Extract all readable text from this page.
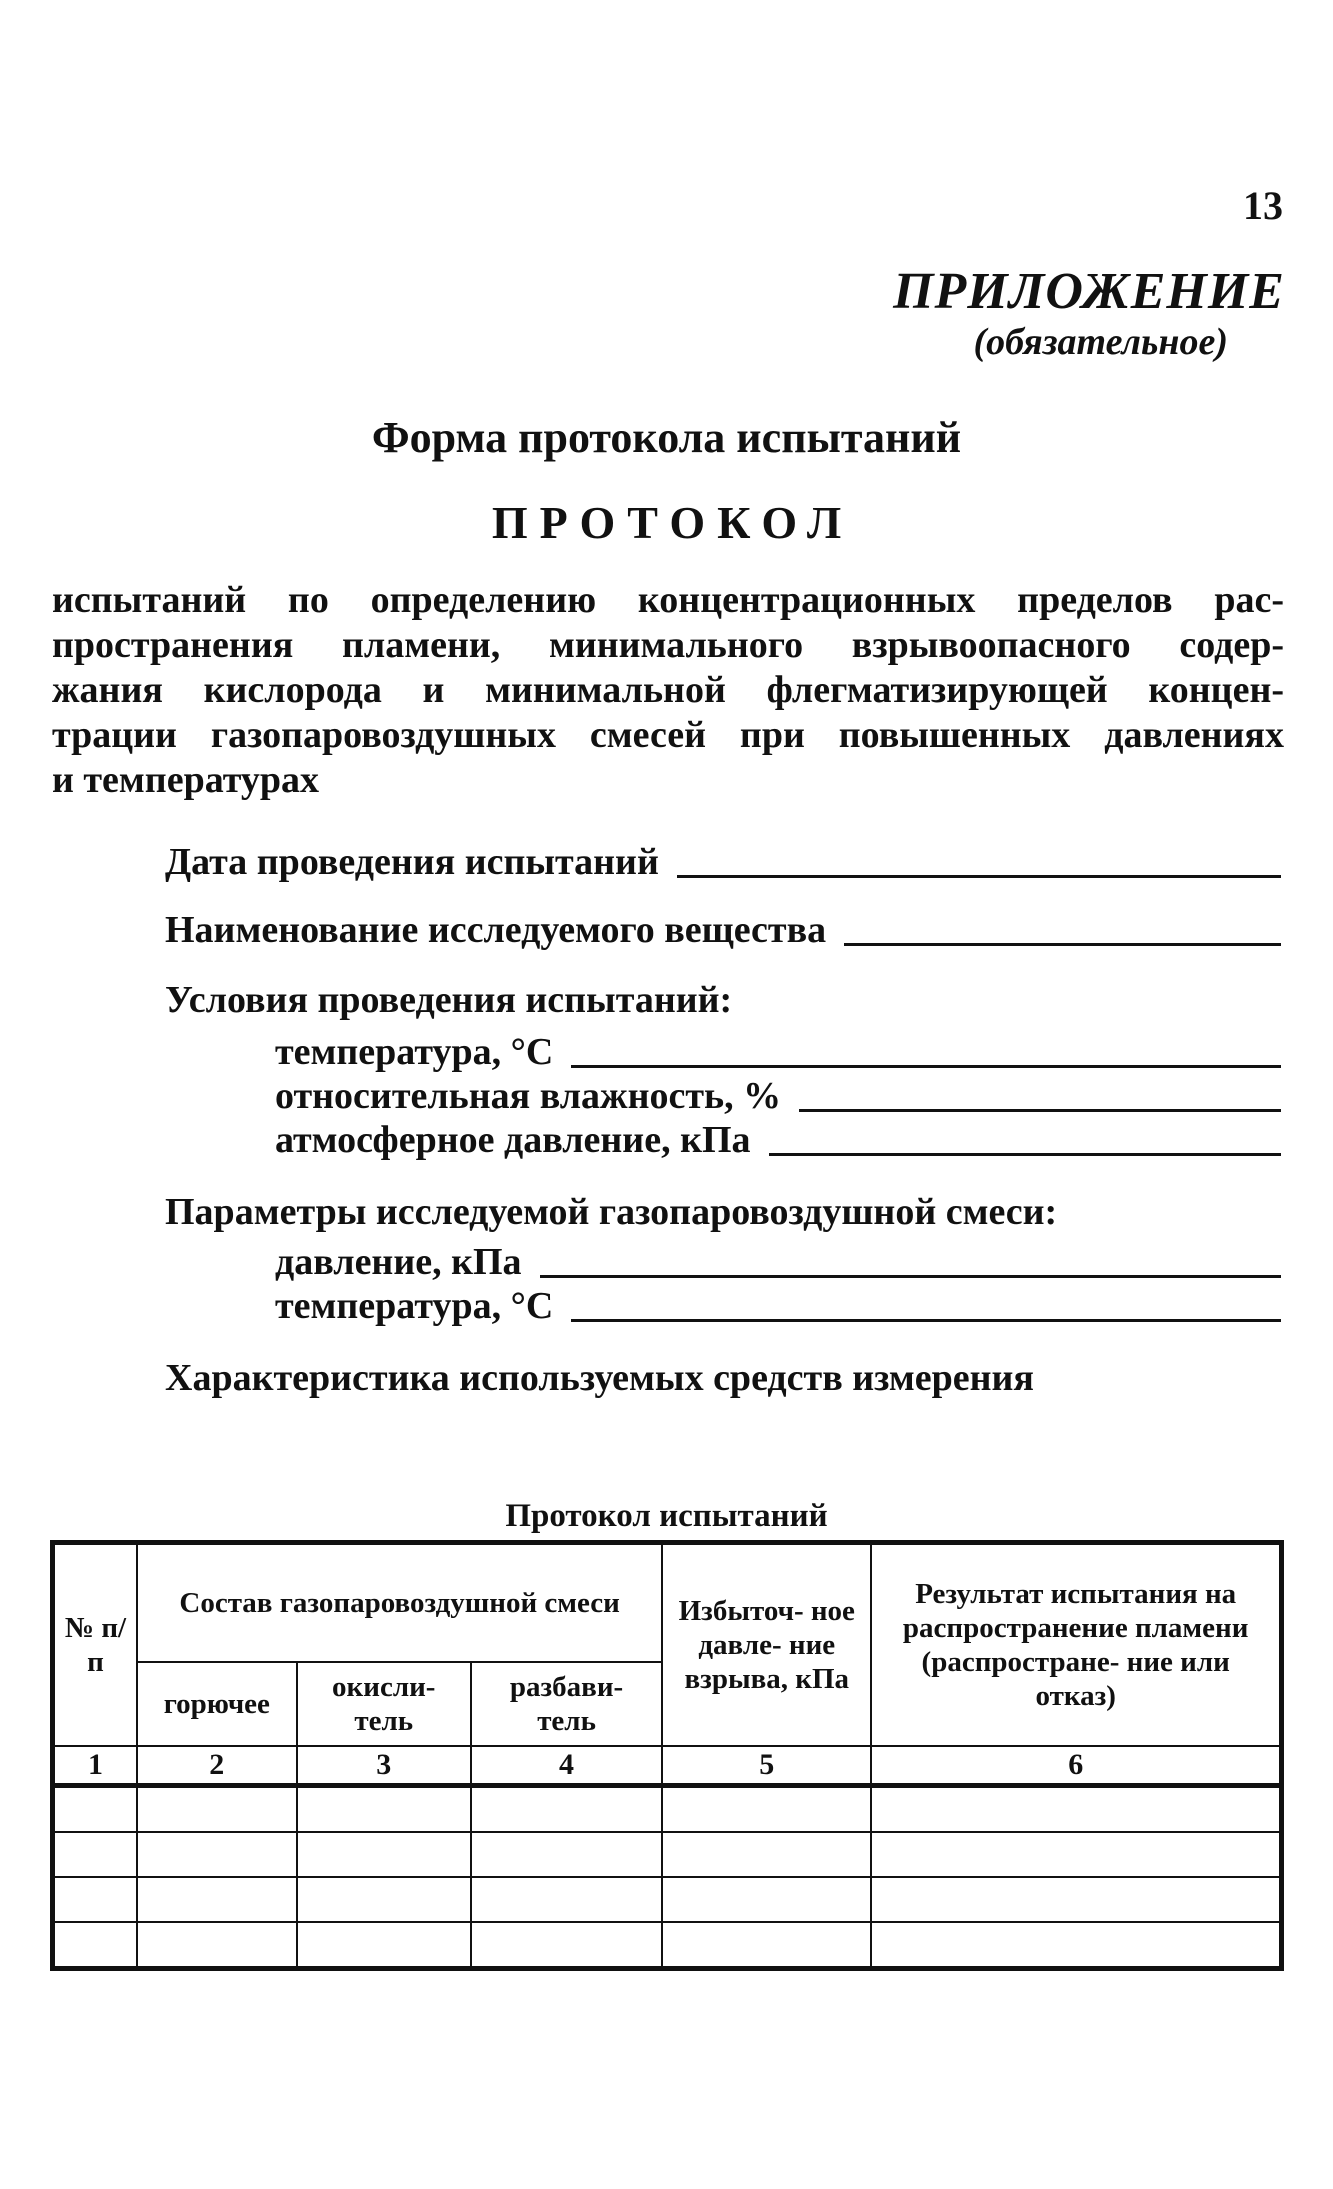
13
ПРИЛОЖЕНИЕ
(обязательное)
Форма протокола испытаний
ПРОТОКОЛ
испытаний по определению концентрационных пределов рас-
пространения пламени, минимального взрывоопасного содер-
жания кислорода и минимальной флегматизирующей концен-
трации газопаровоздушных смесей при повышенных давлениях
и температурах
Дата проведения испытаний
Наименование исследуемого вещества
Условия проведения испытаний:
температура, °С
относительная влажность, %
атмосферное давление, кПа
Параметры исследуемой газопаровоздушной смеси:
давление, кПа
температура, °С
Характеристика используемых средств измерения
Протокол испытаний
№ п/п	Состав газопаровоздушной смеси			Избыточ- ное давле- ние взрыва, кПа	Результат испытания на распространение пламени (распростране- ние или отказ)
	горючее	окисли- тель	разбави- тель		
1	2	3	4	5	6
